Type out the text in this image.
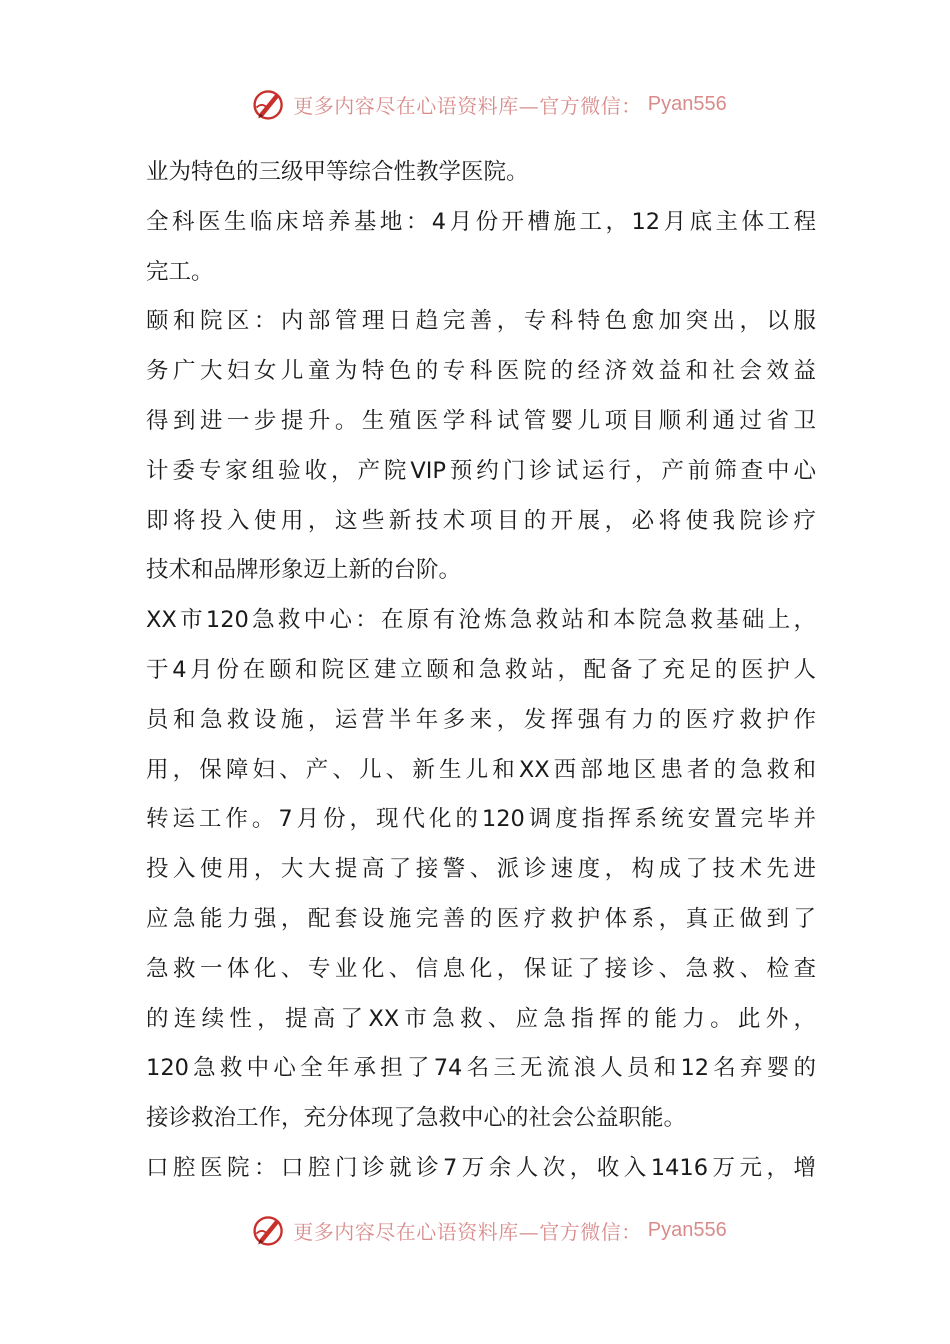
更多内容尽在心语资料库—官方微信： Pyan556
业为特色的三级甲等综合性教学医院。
全科医生临床培养基地：4月份开槽施工，12月底主体工程
完工。
颐和院区：内部管理日趋完善，专科特色愈加突出，以服
务广大妇女儿童为特色的专科医院的经济效益和社会效益
得到进一步提升。生殖医学科试管婴儿项目顺利通过省卫
计委专家组验收，产院VIP预约门诊试运行，产前筛查中心
即将投入使用，这些新技术项目的开展，必将使我院诊疗
技术和品牌形象迈上新的台阶。
XX市120急救中心：在原有沧炼急救站和本院急救基础上，
于4月份在颐和院区建立颐和急救站，配备了充足的医护人
员和急救设施，运营半年多来，发挥强有力的医疗救护作
用，保障妇、产、儿、新生儿和XX西部地区患者的急救和
转运工作。7月份，现代化的120调度指挥系统安置完毕并
投入使用，大大提高了接警、派诊速度，构成了技术先进
应急能力强，配套设施完善的医疗救护体系，真正做到了
急救一体化、专业化、信息化，保证了接诊、急救、检查
的连续性，提高了XX市急救、应急指挥的能力。此外，
120急救中心全年承担了74名三无流浪人员和12名弃婴的
接诊救治工作，充分体现了急救中心的社会公益职能。
口腔医院：口腔门诊就诊7万余人次，收入1416万元，增
更多内容尽在心语资料库—官方微信： Pyan556
